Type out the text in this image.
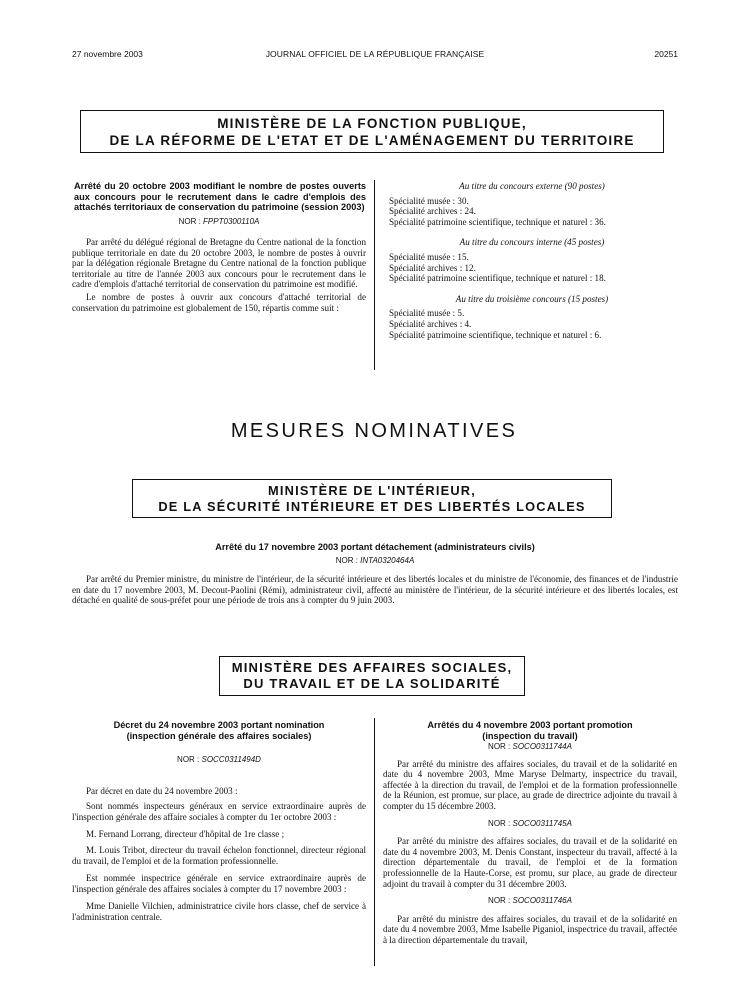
27 novembre 2003	JOURNAL OFFICIEL DE LA RÉPUBLIQUE FRANÇAISE	20251
MINISTÈRE DE LA FONCTION PUBLIQUE,
DE LA RÉFORME DE L'ETAT ET DE L'AMÉNAGEMENT DU TERRITOIRE
Arrêté du 20 octobre 2003 modifiant le nombre de postes ouverts aux concours pour le recrutement dans le cadre d'emplois des attachés territoriaux de conservation du patrimoine (session 2003)
NOR : FPPT0300110A

Par arrêté du délégué régional de Bretagne du Centre national de la fonction publique territoriale en date du 20 octobre 2003, le nombre de postes à ouvrir par la délégation régionale Bretagne du Centre national de la fonction publique territoriale au titre de l'année 2003 aux concours pour le recrutement dans le cadre d'emplois d'attaché territorial de conservation du patrimoine est modifié.

Le nombre de postes à ouvrir aux concours d'attaché territorial de conservation du patrimoine est globalement de 150, répartis comme suit :

Au titre du concours externe (90 postes)
Spécialité musée : 30.
Spécialité archives : 24.
Spécialité patrimoine scientifique, technique et naturel : 36.
Au titre du concours interne (45 postes)
Spécialité musée : 15.
Spécialité archives : 12.
Spécialité patrimoine scientifique, technique et naturel : 18.
Au titre du troisième concours (15 postes)
Spécialité musée : 5.
Spécialité archives : 4.
Spécialité patrimoine scientifique, technique et naturel : 6.
MESURES NOMINATIVES
MINISTÈRE DE L'INTÉRIEUR,
DE LA SÉCURITÉ INTÉRIEURE ET DES LIBERTÉS LOCALES
Arrêté du 17 novembre 2003 portant détachement (administrateurs civils)
NOR : INTA0320464A

Par arrêté du Premier ministre, du ministre de l'intérieur, de la sécurité intérieure et des libertés locales et du ministre de l'économie, des finances et de l'industrie en date du 17 novembre 2003, M. Decout-Paolini (Rémi), administrateur civil, affecté au ministère de l'intérieur, de la sécurité intérieure et des libertés locales, est détaché en qualité de sous-préfet pour une période de trois ans à compter du 9 juin 2003.

MINISTÈRE DES AFFAIRES SOCIALES,
DU TRAVAIL ET DE LA SOLIDARITÉ
Décret du 24 novembre 2003 portant nomination
(inspection générale des affaires sociales)
NOR : SOCC0311494D

Par décret en date du 24 novembre 2003 :

Sont nommés inspecteurs généraux en service extraordinaire auprès de l'inspection générale des affaire sociales à compter du 1er octobre 2003 :

M. Fernand Lorrang, directeur d'hôpital de 1re classe ;

M. Louis Tribot, directeur du travail échelon fonctionnel, directeur régional du travail, de l'emploi et de la formation professionnelle.

Est nommée inspectrice générale en service extraordinaire auprès de l'inspection générale des affaires sociales à compter du 17 novembre 2003 :

Mme Danielle Vilchien, administratrice civile hors classe, chef de service à l'administration centrale.

Arrêtés du 4 novembre 2003 portant promotion
(inspection du travail)
NOR : SOCO0311744A

Par arrêté du ministre des affaires sociales, du travail et de la solidarité en date du 4 novembre 2003, Mme Maryse Delmarty, inspectrice du travail, affectée à la direction du travail, de l'emploi et de la formation professionnelle de la Réunion, est promue, sur place, au grade de directrice adjointe du travail à compter du 15 décembre 2003.

NOR : SOCO0311745A

Par arrêté du ministre des affaires sociales, du travail et de la solidarité en date du 4 novembre 2003, M. Denis Constant, inspecteur du travail, affecté à la direction départementale du travail, de l'emploi et de la formation professionnelle de la Haute-Corse, est promu, sur place, au grade de directeur adjoint du travail à compter du 31 décembre 2003.

NOR : SOCO0311746A

Par arrêté du ministre des affaires sociales, du travail et de la solidarité en date du 4 novembre 2003, Mme Isabelle Piganiol, inspectrice du travail, affectée à la direction départementale du travail,
